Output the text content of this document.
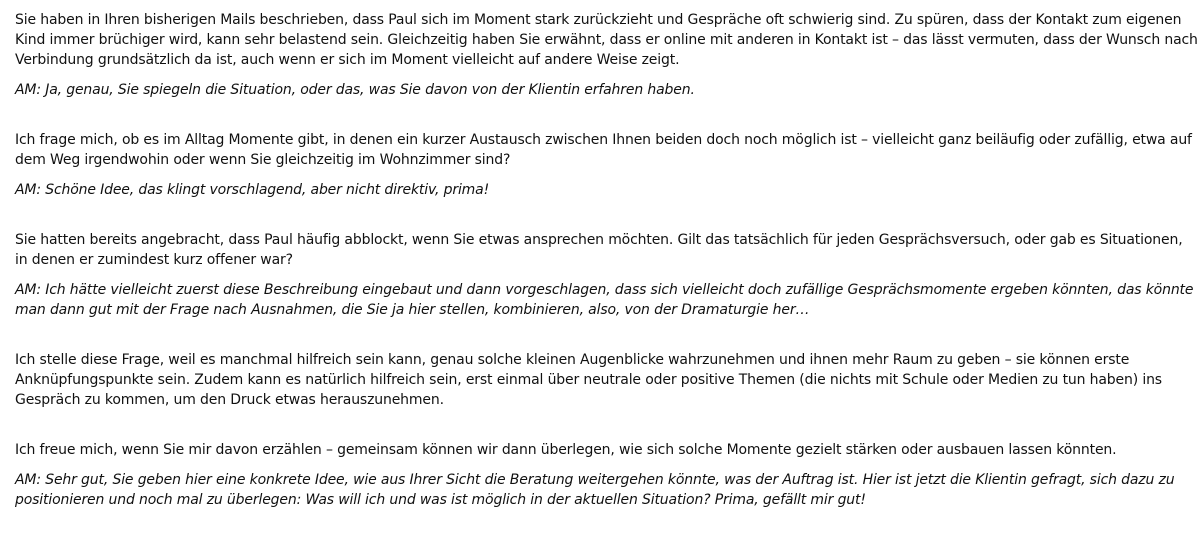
Sie haben in Ihren bisherigen Mails beschrieben, dass Paul sich im Moment stark zurückzieht und Gespräche oft schwierig sind. Zu spüren, dass der Kontakt zum eigenen Kind immer brüchiger wird, kann sehr belastend sein. Gleichzeitig haben Sie erwähnt, dass er online mit anderen in Kontakt ist – das lässt vermuten, dass der Wunsch nach Verbindung grundsätzlich da ist, auch wenn er sich im Moment vielleicht auf andere Weise zeigt.

AM: Ja, genau, Sie spiegeln die Situation, oder das, was Sie davon von der Klientin erfahren haben.

Ich frage mich, ob es im Alltag Momente gibt, in denen ein kurzer Austausch zwischen Ihnen beiden doch noch möglich ist – vielleicht ganz beiläufig oder zufällig, etwa auf dem Weg irgendwohin oder wenn Sie gleichzeitig im Wohnzimmer sind?

AM: Schöne Idee, das klingt vorschlagend, aber nicht direktiv, prima!

Sie hatten bereits angebracht, dass Paul häufig abblockt, wenn Sie etwas ansprechen möchten. Gilt das tatsächlich für jeden Gesprächsversuch, oder gab es Situationen, in denen er zumindest kurz offener war?

AM: Ich hätte vielleicht zuerst diese Beschreibung eingebaut und dann vorgeschlagen, dass sich vielleicht doch zufällige Gesprächsmomente ergeben könnten, das könnte man dann gut mit der Frage nach Ausnahmen, die Sie ja hier stellen, kombinieren, also, von der Dramaturgie her…

Ich stelle diese Frage, weil es manchmal hilfreich sein kann, genau solche kleinen Augenblicke wahrzunehmen und ihnen mehr Raum zu geben – sie können erste Anknüpfungspunkte sein. Zudem kann es natürlich hilfreich sein, erst einmal über neutrale oder positive Themen (die nichts mit Schule oder Medien zu tun haben) ins Gespräch zu kommen, um den Druck etwas herauszunehmen.

Ich freue mich, wenn Sie mir davon erzählen – gemeinsam können wir dann überlegen, wie sich solche Momente gezielt stärken oder ausbauen lassen könnten.

AM: Sehr gut, Sie geben hier eine konkrete Idee, wie aus Ihrer Sicht die Beratung weitergehen könnte, was der Auftrag ist. Hier ist jetzt die Klientin gefragt, sich dazu zu positionieren und noch mal zu überlegen: Was will ich und was ist möglich in der aktuellen Situation? Prima, gefällt mir gut!
